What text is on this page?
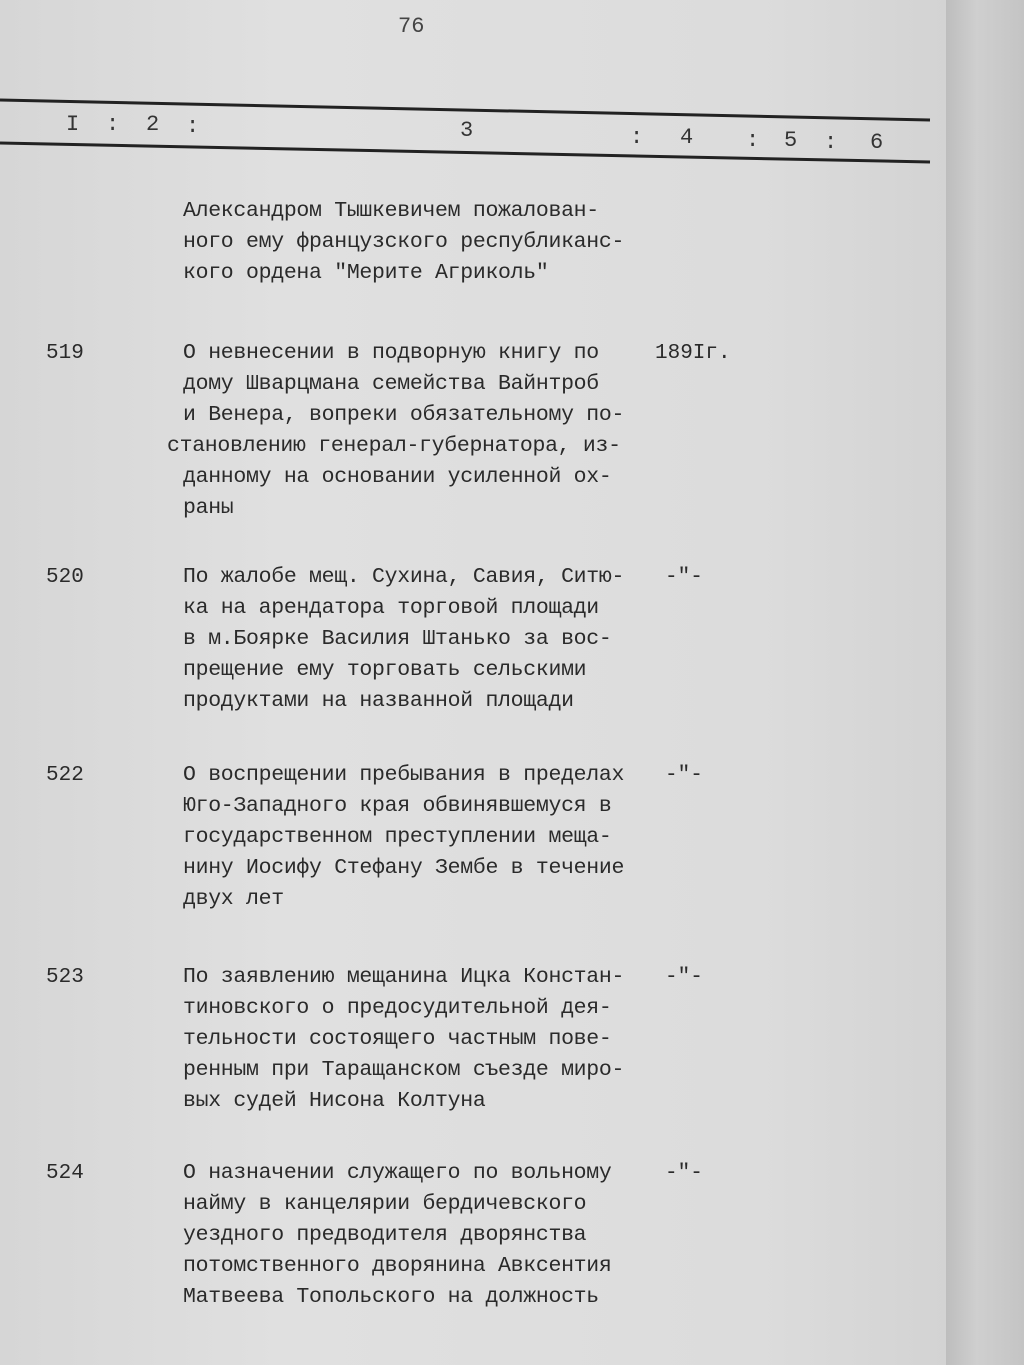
76
I : 2 :	3	: 4 : 5 : 6
Александром Тышкевичем пожалован-
ного ему французского республиканс-
кого ордена "Мерите Агриколь"
519	О невнесении в подворную книгу по
дому Шварцмана семейства Вайнтроб
и Венера, вопреки обязательному по-
становлению генерал-губернатора, из-
данному на основании усиленной ох-
раны
189Iг.
520	По жалобе мещ. Сухина, Савия, Ситю-
ка на арендатора торговой площади
в м.Боярке Василия Штанько за вос-
прещение ему торговать сельскими
продуктами на названной площади
-"-
522	О воспрещении пребывания в пределах
Юго-Западного края обвинявшемуся в
государственном преступлении меща-
нину Иосифу Стефану Зембе в течение
двух лет
-"-
523	По заявлению мещанина Ицка Констан-
тиновского о предосудительной дея-
тельности состоящего частным пове-
ренным при Таращанском съезде миро-
вых судей Нисона Колтуна
-"-
524	О назначении служащего по вольному
найму в канцелярии бердичевского
уездного предводителя дворянства
потомственного дворянина Авксентия
Матвеева Топольского на должность
-"-
